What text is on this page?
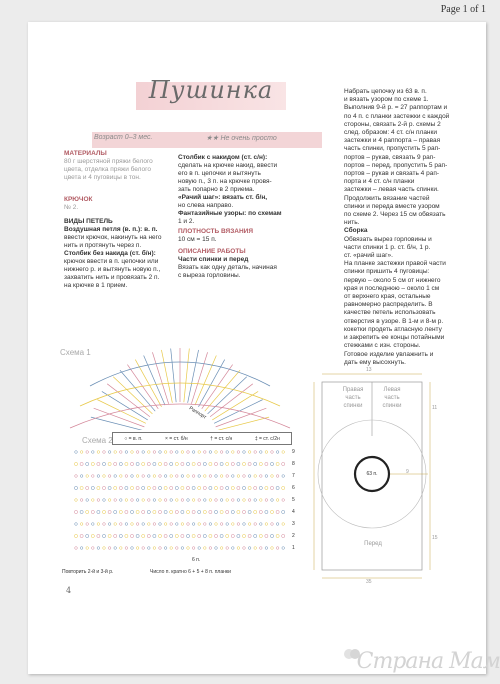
Page 1 of 1
Пушинка
Возраст 0–3 мес.	★★ Не очень просто
МАТЕРИАЛЫ
80 г шерстяной пряжи белого цвета, отделка пряжи белого цвета и 4 пуговицы в тон.
КРЮЧОК
№ 2.
ВИДЫ ПЕТЕЛЬ
Воздушная петля (в. п.): в. п.
ввести крючок, накинуть на него
нить и протянуть через п.
Столбик без накида (ст. б/н):
крючок ввести в п. цепочки или
нижнего р. и вытянуть новую п.,
захватить нить и провязать 2 п.
на крючке в 1 прием.
Столбик с накидом (ст. с/н):
сделать на крючке накид, ввести
его в п. цепочки и вытянуть
новую п., 3 п. на крючке провя-
зать попарно в 2 приема.
«Рачий шаг»: вязать ст. б/н,
но слева направо.
Фантазийные узоры: по схемам
1 и 2.
ПЛОТНОСТЬ ВЯЗАНИЯ
10 см = 15 п.
ОПИСАНИЕ РАБОТЫ
Части спинки и перед
Вязать как одну деталь, начиная
с выреза горловины.
Набрать цепочку из 63 в. п.
и вязать узором по схеме 1.
Выполнив 9-й р. = 27 раппортам и
по 4 п. с планки застежки с каждой
стороны, связать 2-й р. схемы 2
след. образом: 4 ст. с/н планки
застежки и 4 раппорта – правая
часть спинки, пропустить 5 рап-
портов – рукав, связать 9 рап-
портов – перед, пропустить 5 рап-
портов – рукав и связать 4 рап-
порта и 4 ст. с/н планки
застежки – левая часть спинки.
Продолжить вязание частей
спинки и переда вместе узором
по схеме 2. Через 15 см обвязать
нить.
Сборка
Обвязать вырез горловины и
части спинки 1 р. ст. б/н, 1 р.
ст. «рачий шаг».
На планке застежки правой части
спинки пришить 4 пуговицы:
первую – около 5 см от нижнего
края и последнюю – около 1 см
от верхнего края, остальные
равномерно распределить. В
качестве петель использовать
отверстия в узоре. В 1-м и 8-м р.
кокетки продеть атласную ленту
и закрепить ее концы потайными
стежками с изн. стороны.
Готовое изделие увлажнить и
дать ему высохнуть.
4
Схема 1
Раппорт
Схема 2
9
8
7
6
5
4
3
2
1
6 п.
Повторить 2-й и 3-й р.	Число п. кратно 6 + 5 + 8 п. планки
○ = в. п.	× = ст. б/н	† = ст. с/н	‡ = ст. с/2н
Правая часть спинки
Левая часть спинки
63 п.
Перед
13
11
9
15
35
Страна Мам
